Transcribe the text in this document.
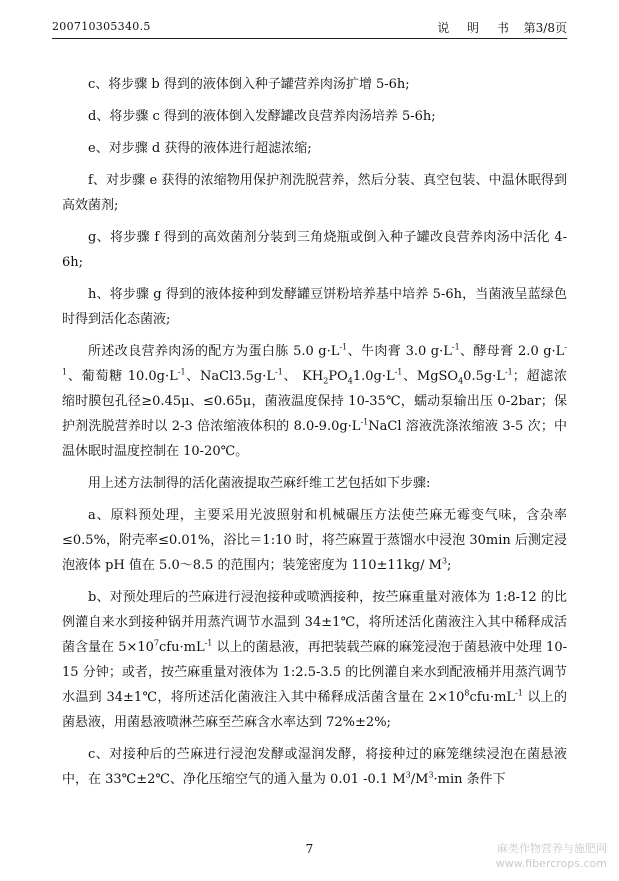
200710305340.5	说 明 书 第3/8页

c、将步骤 b 得到的液体倒入种子罐营养肉汤扩增 5-6h;

d、将步骤 c 得到的液体倒入发酵罐改良营养肉汤培养 5-6h;

e、对步骤 d 获得的液体进行超滤浓缩;

f、对步骤 e 获得的浓缩物用保护剂洗脱营养，然后分装、真空包装、中温休眠得到高效菌剂;

g、将步骤 f 得到的高效菌剂分装到三角烧瓶或倒入种子罐改良营养肉汤中活化 4-6h;

h、将步骤 g 得到的液体接种到发酵罐豆饼粉培养基中培养 5-6h，当菌液呈蓝绿色时得到活化态菌液;

所述改良营养肉汤的配方为蛋白胨 5.0 $g\cdot L^{-1}$、牛肉膏 3.0 $g\cdot L^{-1}$、酵母膏 2.0 $g\cdot L^{-1}$、葡萄糖 $10.0g\cdot L^{-1}$、$NaCl3.5g\cdot L^{-1}$、 $KH_2PO_41.0g\cdot L^{-1}$、$MgSO_40.5g\cdot L^{-1}$；超滤浓缩时膜包孔径≥0.45μ、≤0.65μ，菌液温度保持 10-35℃，蠕动泵输出压 0-2bar；保护剂洗脱营养时以 2-3 倍浓缩液体积的 $8.0-9.0g\cdot L^{-1}NaCl$ 溶液洗涤浓缩液 3-5 次；中温休眠时温度控制在 10-20℃。

用上述方法制得的活化菌液提取苎麻纤维工艺包括如下步骤:

a、原料预处理，主要采用光波照射和机械碾压方法使苎麻无霉变气味，含杂率≤0.5%，附壳率≤0.01%，浴比＝1:10 时，将苎麻置于蒸馏水中浸泡 30min 后测定浸泡液体 pH 值在 5.0～8.5 的范围内；装笼密度为 110±11kg/ $M^3$;

b、对预处理后的苎麻进行浸泡接种或喷洒接种，按苎麻重量对液体为 1:8-12 的比例灌自来水到接种锅并用蒸汽调节水温到 34±1℃，将所述活化菌液注入其中稀释成活菌含量在 $5\times 10^7cfu\cdot mL^{-1}$ 以上的菌悬液，再把装载苎麻的麻笼浸泡于菌悬液中处理 10-15 分钟；或者，按苎麻重量对液体为 1:2.5-3.5 的比例灌自来水到配液桶并用蒸汽调节水温到 34±1℃，将所述活化菌液注入其中稀释成活菌含量在 $2\times 10^8cfu\cdot mL^{-1}$ 以上的菌悬液，用菌悬液喷淋苎麻至苎麻含水率达到 72%±2%;

c、对接种后的苎麻进行浸泡发酵或湿润发酵，将接种过的麻笼继续浸泡在菌悬液中，在 33℃±2℃、净化压缩空气的通入量为 0.01 -0.1 $M^3/M^3\cdot\min$ 条件下

7	麻类作物营养与施肥网
www.fibercrops.com
